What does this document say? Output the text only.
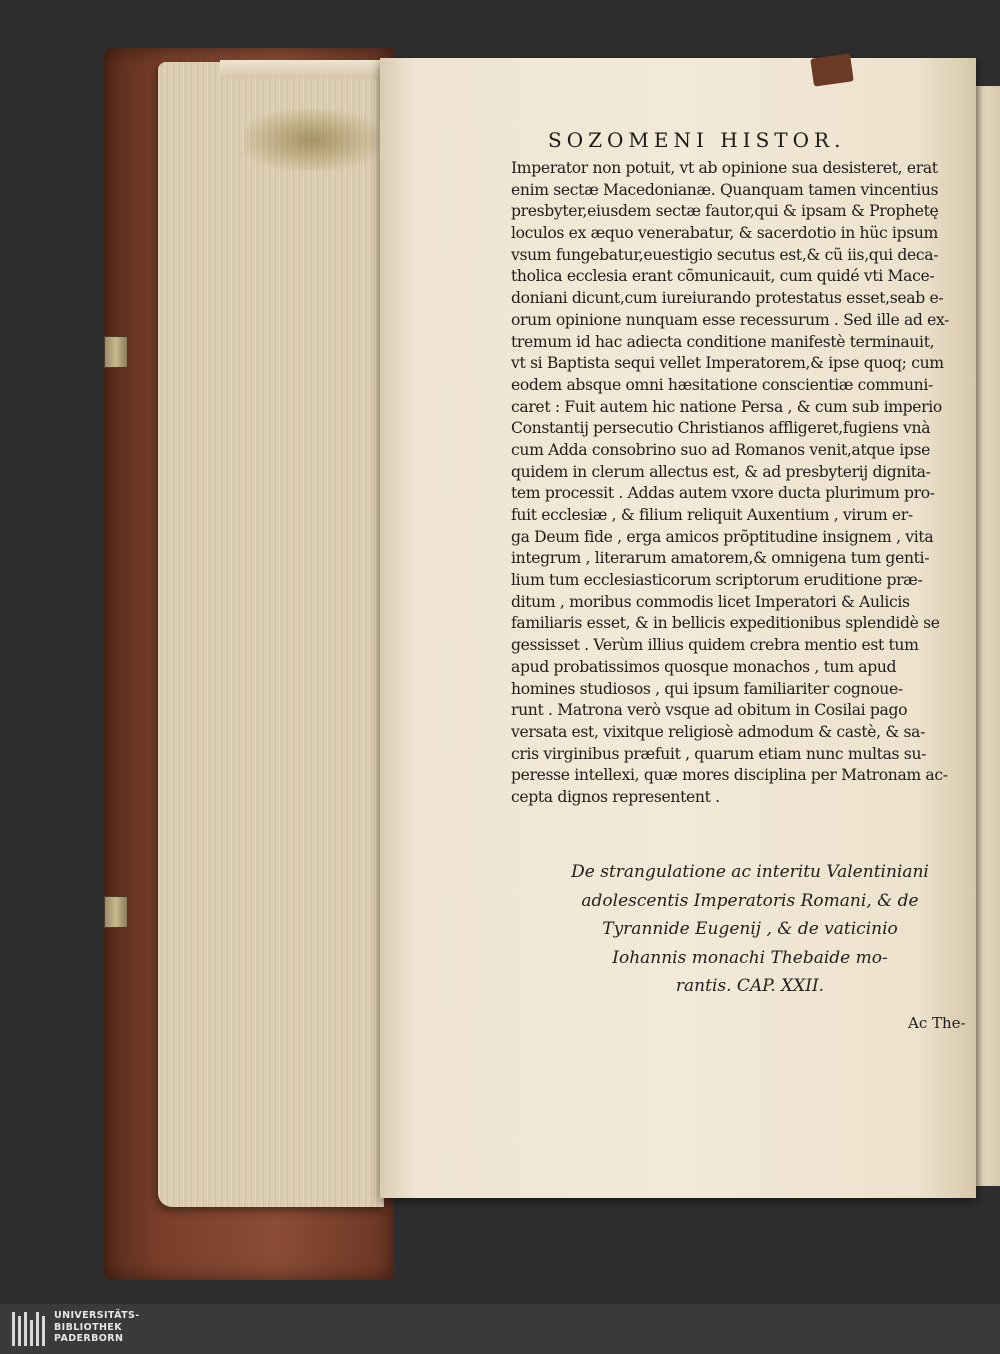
SOZOMENI HISTOR.
Imperator non potuit, vt ab opinione sua desisteret, erat
enim sectæ Macedonianæ. Quanquam tamen vincentius
presbyter,eiusdem sectæ fautor,qui & ipsam & Prophetę
loculos ex æquo venerabatur, & sacerdotio in hüc ipsum
vsum fungebatur,euestigio secutus est,& cũ iis,qui deca-
tholica ecclesia erant cõmunicauit, cum quidé vti Mace-
doniani dicunt,cum iureiurando protestatus esset,seab e-
orum opinione nunquam esse recessurum . Sed ille ad ex-
tremum id hac adiecta conditione manifestè terminauit,
vt si Baptista sequi vellet Imperatorem,& ipse quoq; cum
eodem absque omni hæsitatione conscientiæ communi-
caret : Fuit autem hic natione Persa , & cum sub imperio
Constantij persecutio Christianos affligeret,fugiens vnà
cum Adda consobrino suo ad Romanos venit,atque ipse
quidem in clerum allectus est, & ad presbyterij dignita-
tem processit . Addas autem vxore ducta plurimum pro-
fuit ecclesiæ , & filium reliquit Auxentium , virum er-
ga Deum fide , erga amicos prõptitudine insignem , vita
integrum , literarum amatorem,& omnigena tum genti-
lium tum ecclesiasticorum scriptorum eruditione præ-
ditum , moribus commodis licet Imperatori & Aulicis
familiaris esset, & in bellicis expeditionibus splendidè se
gessisset . Verùm illius quidem crebra mentio est tum
apud probatissimos quosque monachos , tum apud
homines studiosos , qui ipsum familiariter cognoue-
runt . Matrona verò vsque ad obitum in Cosilai pago
versata est, vixitque religiosè admodum & castè, & sa-
cris virginibus præfuit , quarum etiam nunc multas su-
peresse intellexi, quæ mores disciplina per Matronam ac-
cepta dignos representent .
De strangulatione ac interitu Valentiniani
adolescentis Imperatoris Romani, & de
Tyrannide Eugenij , & de vaticinio
Iohannis monachi Thebaide mo-
rantis. CAP. XXII.
Ac The-
UNIVERSITÄTS-
BIBLIOTHEK
PADERBORN
